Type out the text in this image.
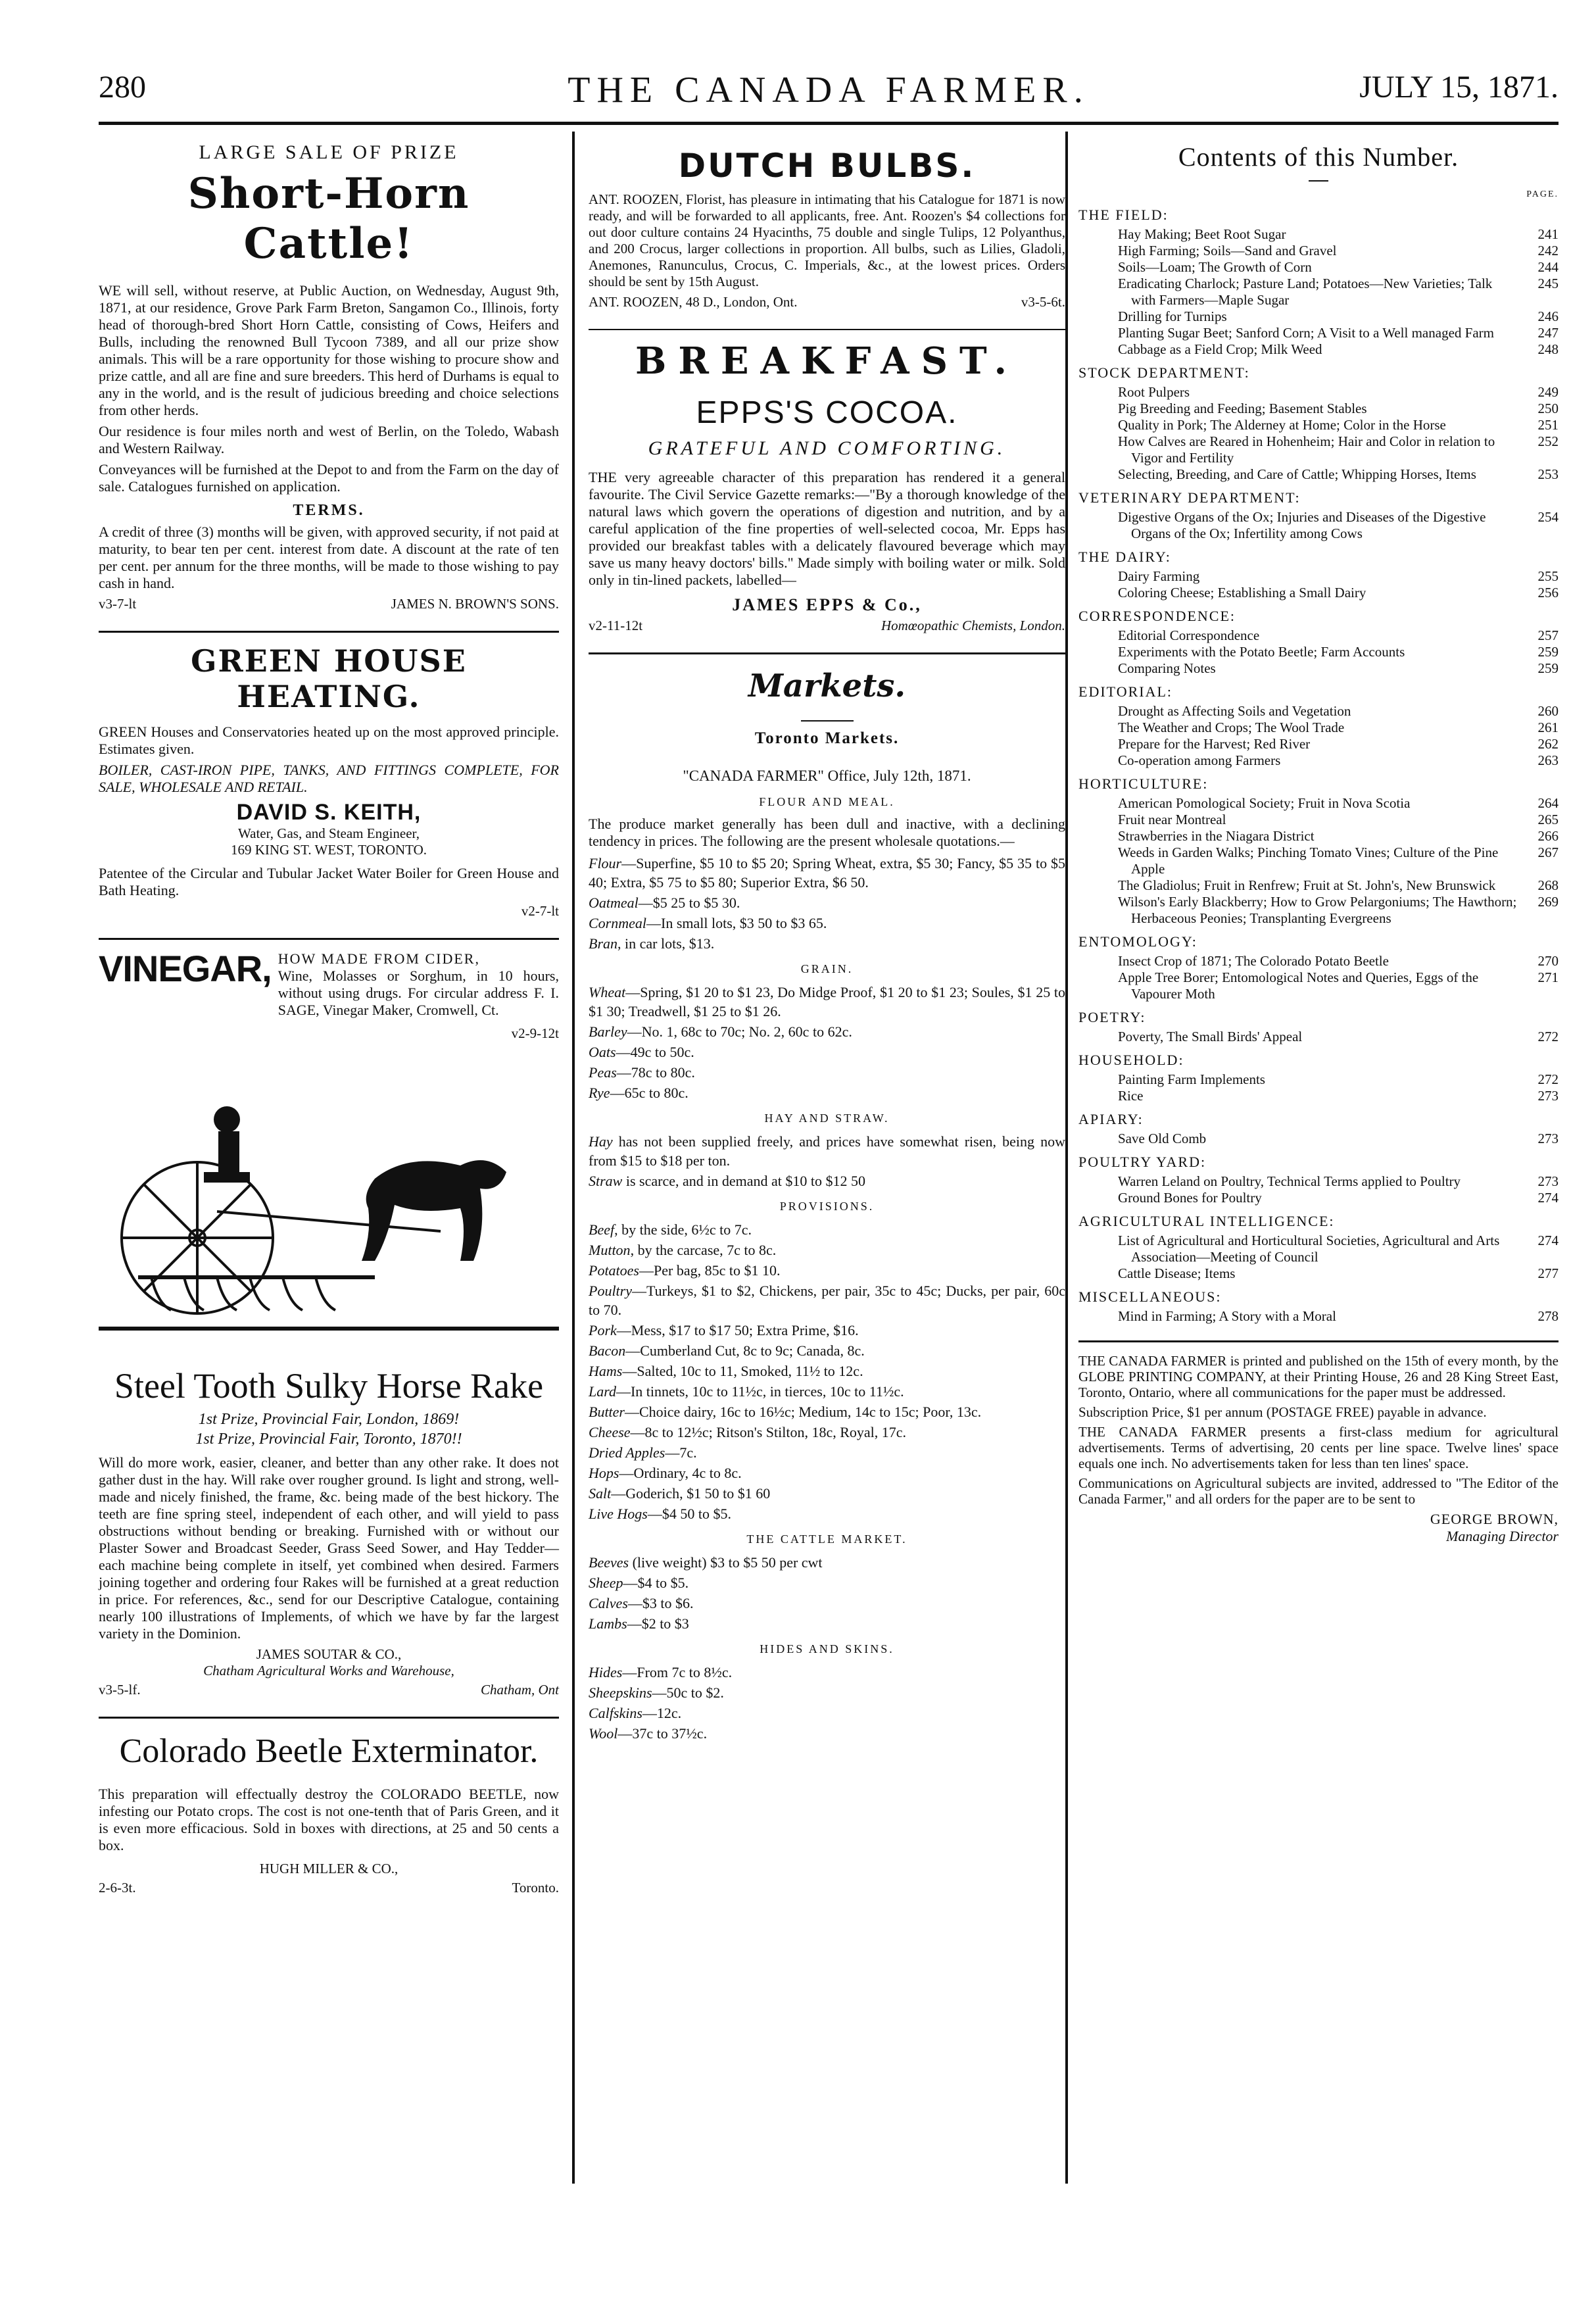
280	THE CANADA FARMER.	JULY 15, 1871.
LARGE SALE OF PRIZE
Short-Horn Cattle!

WE will sell, without reserve, at Public Auction, on Wednesday, August 9th, 1871, at our residence, Grove Park Farm Breton, Sangamon Co., Illinois, forty head of thorough-bred Short Horn Cattle, consisting of Cows, Heifers and Bulls, including the renowned Bull Tycoon 7389, and all our prize show animals. This will be a rare opportunity for those wishing to procure show and prize cattle, and all are fine and sure breeders. This herd of Durhams is equal to any in the world, and is the result of judicious breeding and choice selections from other herds.

Our residence is four miles north and west of Berlin, on the Toledo, Wabash and Western Railway.

Conveyances will be furnished at the Depot to and from the Farm on the day of sale. Catalogues furnished on application.

TERMS.

A credit of three (3) months will be given, with approved security, if not paid at maturity, to bear ten per cent. interest from date. A discount at the rate of ten per cent. per annum for the three months, will be made to those wishing to pay cash in hand.

v3-7-lt	JAMES N. BROWN'S SONS.
GREEN HOUSE HEATING.

GREEN Houses and Conservatories heated up on the most approved principle. Estimates given.

BOILER, CAST-IRON PIPE, TANKS, AND FITTINGS COMPLETE, FOR SALE, WHOLESALE AND RETAIL.

DAVID S. KEITH,
Water, Gas, and Steam Engineer,
169 KING ST. WEST, TORONTO.

Patentee of the Circular and Tubular Jacket Water Boiler for Green House and Bath Heating.

v2-7-lt
VINEGAR, HOW MADE FROM CIDER,

Wine, Molasses or Sorghum, in 10 hours, without using drugs. For circular address F. I. SAGE, Vinegar Maker, Cromwell, Ct.

v2-9-12t
Steel Tooth Sulky Horse Rake
1st Prize, Provincial Fair, London, 1869!
1st Prize, Provincial Fair, Toronto, 1870!!

Will do more work, easier, cleaner, and better than any other rake. It does not gather dust in the hay. Will rake over rougher ground. Is light and strong, well-made and nicely finished, the frame, &c. being made of the best hickory. The teeth are fine spring steel, independent of each other, and will yield to pass obstructions without bending or breaking. Furnished with or without our Plaster Sower and Broadcast Seeder, Grass Seed Sower, and Hay Tedder—each machine being complete in itself, yet combined when desired. Farmers joining together and ordering four Rakes will be furnished at a great reduction in price. For references, &c., send for our Descriptive Catalogue, containing nearly 100 illustrations of Implements, of which we have by far the largest variety in the Dominion.

JAMES SOUTAR & CO.,
Chatham Agricultural Works and Warehouse,
v3-5-lf.	Chatham, Ont
Colorado Beetle Exterminator.

This preparation will effectually destroy the COLORADO BEETLE, now infesting our Potato crops. The cost is not one-tenth that of Paris Green, and it is even more efficacious. Sold in boxes with directions, at 25 and 50 cents a box.

HUGH MILLER & CO.,
2-6-3t.	Toronto.
DUTCH BULBS.

ANT. ROOZEN, Florist, has pleasure in intimating that his Catalogue for 1871 is now ready, and will be forwarded to all applicants, free. Ant. Roozen's $4 collections for out door culture contains 24 Hyacinths, 75 double and single Tulips, 12 Polyanthus, and 200 Crocus, larger collections in proportion. All bulbs, such as Lilies, Gladoli, Anemones, Ranunculus, Crocus, C. Imperials, &c., at the lowest prices. Orders should be sent by 15th August.

ANT. ROOZEN, 48 D., London, Ont.	v3-5-6t.
BREAKFAST.
EPPS'S COCOA.
GRATEFUL AND COMFORTING.

THE very agreeable character of this preparation has rendered it a general favourite. The Civil Service Gazette remarks:—"By a thorough knowledge of the natural laws which govern the operations of digestion and nutrition, and by a careful application of the fine properties of well-selected cocoa, Mr. Epps has provided our breakfast tables with a delicately flavoured beverage which may save us many heavy doctors' bills." Made simply with boiling water or milk. Sold only in tin-lined packets, labelled—

JAMES EPPS & Co.,
v2-11-12t	Homœopathic Chemists, London.
Markets.
Toronto Markets.
"CANADA FARMER" Office, July 12th, 1871.
FLOUR AND MEAL.

The produce market generally has been dull and inactive, with a declining tendency in prices. The following are the present wholesale quotations.—

Flour—Superfine, $5 10 to $5 20; Spring Wheat, extra, $5 30; Fancy, $5 35 to $5 40; Extra, $5 75 to $5 80; Superior Extra, $6 50.

Oatmeal—$5 25 to $5 30.

Cornmeal—In small lots, $3 50 to $3 65.

Bran, in car lots, $13.

GRAIN.

Wheat—Spring, $1 20 to $1 23, Do Midge Proof, $1 20 to $1 23; Soules, $1 25 to $1 30; Treadwell, $1 25 to $1 26.

Barley—No. 1, 68c to 70c; No. 2, 60c to 62c.

Oats—49c to 50c.

Peas—78c to 80c.

Rye—65c to 80c.

HAY AND STRAW.

Hay has not been supplied freely, and prices have somewhat risen, being now from $15 to $18 per ton.

Straw is scarce, and in demand at $10 to $12 50

PROVISIONS.

Beef, by the side, 6½c to 7c.

Mutton, by the carcase, 7c to 8c.

Potatoes—Per bag, 85c to $1 10.

Poultry—Turkeys, $1 to $2, Chickens, per pair, 35c to 45c; Ducks, per pair, 60c to 70.

Pork—Mess, $17 to $17 50; Extra Prime, $16.

Bacon—Cumberland Cut, 8c to 9c; Canada, 8c.

Hams—Salted, 10c to 11, Smoked, 11½ to 12c.

Lard—In tinnets, 10c to 11½c, in tierces, 10c to 11½c.

Butter—Choice dairy, 16c to 16½c; Medium, 14c to 15c; Poor, 13c.

Cheese—8c to 12½c; Ritson's Stilton, 18c, Royal, 17c.

Dried Apples—7c.

Hops—Ordinary, 4c to 8c.

Salt—Goderich, $1 50 to $1 60

Live Hogs—$4 50 to $5.

THE CATTLE MARKET.

Beeves (live weight) $3 to $5 50 per cwt

Sheep—$4 to $5.

Calves—$3 to $6.

Lambs—$2 to $3

HIDES AND SKINS.

Hides—From 7c to 8½c.

Sheepskins—50c to $2.

Calfskins—12c.

Wool—37c to 37½c.

Contents of this Number.
PAGE.
THE FIELD:
Hay Making; Beet Root Sugar	241
High Farming; Soils—Sand and Gravel	242
Soils—Loam; The Growth of Corn	244
Eradicating Charlock; Pasture Land; Potatoes—New Varieties; Talk with Farmers—Maple Sugar
245
Drilling for Turnips	246
Planting Sugar Beet; Sanford Corn; A Visit to a Well managed Farm	247
Cabbage as a Field Crop; Milk Weed	248
STOCK DEPARTMENT:
Root Pulpers	249
Pig Breeding and Feeding; Basement Stables	250
Quality in Pork; The Alderney at Home; Color in the Horse	251
How Calves are Reared in Hohenheim; Hair and Color in relation to Vigor and Fertility
252
Selecting, Breeding, and Care of Cattle; Whipping Horses, Items	253
VETERINARY DEPARTMENT:
Digestive Organs of the Ox; Injuries and Diseases of the Digestive Organs of the Ox; Infertility among Cows
254
THE DAIRY:
Dairy Farming	255
Coloring Cheese; Establishing a Small Dairy	256
CORRESPONDENCE:
Editorial Correspondence	257
Experiments with the Potato Beetle; Farm Accounts	259
Comparing Notes	259
EDITORIAL:
Drought as Affecting Soils and Vegetation	260
The Weather and Crops; The Wool Trade	261
Prepare for the Harvest; Red River	262
Co-operation among Farmers	263
HORTICULTURE:
American Pomological Society; Fruit in Nova Scotia	264
Fruit near Montreal	265
Strawberries in the Niagara District	266
Weeds in Garden Walks; Pinching Tomato Vines; Culture of the Pine Apple
267
The Gladiolus; Fruit in Renfrew; Fruit at St. John's, New Brunswick	268
Wilson's Early Blackberry; How to Grow Pelargoniums; The Hawthorn; Herbaceous Peonies; Transplanting Evergreens
269
ENTOMOLOGY:
Insect Crop of 1871; The Colorado Potato Beetle	270
Apple Tree Borer; Entomological Notes and Queries, Eggs of the Vapourer Moth
271
POETRY:
Poverty, The Small Birds' Appeal	272
HOUSEHOLD:
Painting Farm Implements	272
Rice	273
APIARY:
Save Old Comb	273
POULTRY YARD:
Warren Leland on Poultry, Technical Terms applied to Poultry	273
Ground Bones for Poultry	274
AGRICULTURAL INTELLIGENCE:
List of Agricultural and Horticultural Societies, Agricultural and Arts Association—Meeting of Council
274
Cattle Disease; Items	277
MISCELLANEOUS:
Mind in Farming; A Story with a Moral	278

THE CANADA FARMER is printed and published on the 15th of every month, by the GLOBE PRINTING COMPANY, at their Printing House, 26 and 28 King Street East, Toronto, Ontario, where all communications for the paper must be addressed.

Subscription Price, $1 per annum (POSTAGE FREE) payable in advance.

THE CANADA FARMER presents a first-class medium for agricultural advertisements. Terms of advertising, 20 cents per line space. Twelve lines' space equals one inch. No advertisements taken for less than ten lines' space.

Communications on Agricultural subjects are invited, addressed to "The Editor of the Canada Farmer," and all orders for the paper are to be sent to

GEORGE BROWN,
Managing Director
